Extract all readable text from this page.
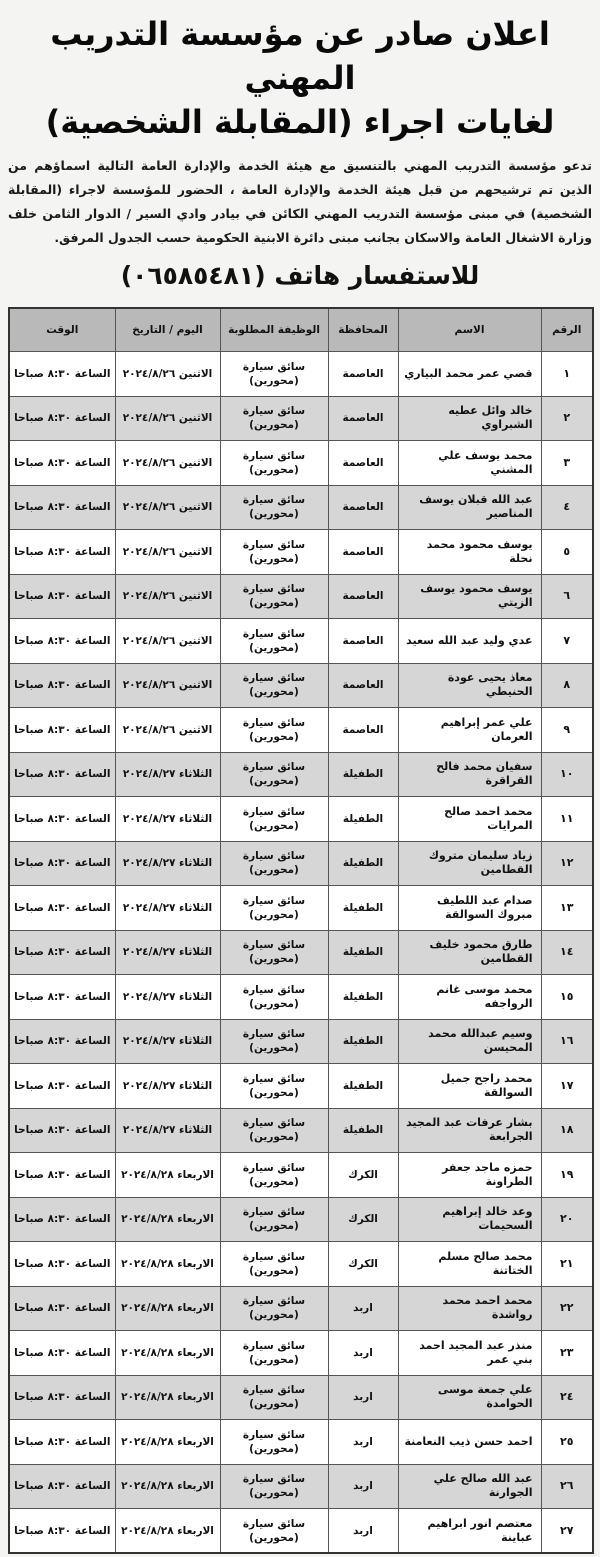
اعلان صادر عن مؤسسة التدريب المهني
لغايات اجراء (المقابلة الشخصية)

تدعو مؤسسة التدريب المهني بالتنسيق مع هيئة الخدمة والإدارة العامة التالية اسماؤهم من الذين تم ترشيحهم من قبل هيئة الخدمة والإدارة العامة ، الحضور للمؤسسة لاجراء (المقابلة الشخصية) في مبنى مؤسسة التدريب المهني الكائن في بيادر وادي السير / الدوار الثامن خلف وزارة الاشغال العامة والاسكان بجانب مبنى دائرة الابنية الحكومية حسب الجدول المرفق.

للاستفسار هاتف (٠٦٥٨٥٤٨١)
الرقم	الاسم	المحافظة	الوظيفة المطلوبة	اليوم / التاريخ	الوقت
١	قصي عمر محمد البياري	العاصمة	سائق سيارة (محورين)	الاثنين ٢٠٢٤/٨/٢٦	الساعة ٨:٣٠ صباحا
٢	خالد وائل عطيه الشبراوي	العاصمة	سائق سيارة (محورين)	الاثنين ٢٠٢٤/٨/٢٦	الساعة ٨:٣٠ صباحا
٣	محمد يوسف علي المشني	العاصمة	سائق سيارة (محورين)	الاثنين ٢٠٢٤/٨/٢٦	الساعة ٨:٣٠ صباحا
٤	عبد الله قبلان يوسف المناصير	العاصمة	سائق سيارة (محورين)	الاثنين ٢٠٢٤/٨/٢٦	الساعة ٨:٣٠ صباحا
٥	يوسف محمود محمد نحلة	العاصمة	سائق سيارة (محورين)	الاثنين ٢٠٢٤/٨/٢٦	الساعة ٨:٣٠ صباحا
٦	يوسف محمود يوسف الزيتي	العاصمة	سائق سيارة (محورين)	الاثنين ٢٠٢٤/٨/٢٦	الساعة ٨:٣٠ صباحا
٧	عدي وليد عبد الله سعيد	العاصمة	سائق سيارة (محورين)	الاثنين ٢٠٢٤/٨/٢٦	الساعة ٨:٣٠ صباحا
٨	معاذ يحيى عودة الحنيطي	العاصمة	سائق سيارة (محورين)	الاثنين ٢٠٢٤/٨/٢٦	الساعة ٨:٣٠ صباحا
٩	علي عمر إبراهيم العرمان	العاصمة	سائق سيارة (محورين)	الاثنين ٢٠٢٤/٨/٢٦	الساعة ٨:٣٠ صباحا
١٠	سفيان محمد فالح القراقرة	الطفيلة	سائق سيارة (محورين)	الثلاثاء ٢٠٢٤/٨/٢٧	الساعة ٨:٣٠ صباحا
١١	محمد احمد صالح المرايات	الطفيلة	سائق سيارة (محورين)	الثلاثاء ٢٠٢٤/٨/٢٧	الساعة ٨:٣٠ صباحا
١٢	زياد سليمان متروك القطامين	الطفيلة	سائق سيارة (محورين)	الثلاثاء ٢٠٢٤/٨/٢٧	الساعة ٨:٣٠ صباحا
١٣	صدام عبد اللطيف مبروك السوالقة	الطفيلة	سائق سيارة (محورين)	الثلاثاء ٢٠٢٤/٨/٢٧	الساعة ٨:٣٠ صباحا
١٤	طارق محمود خليف القطامين	الطفيلة	سائق سيارة (محورين)	الثلاثاء ٢٠٢٤/٨/٢٧	الساعة ٨:٣٠ صباحا
١٥	محمد موسى غانم الرواجفه	الطفيلة	سائق سيارة (محورين)	الثلاثاء ٢٠٢٤/٨/٢٧	الساعة ٨:٣٠ صباحا
١٦	وسيم عبدالله محمد المحيسن	الطفيلة	سائق سيارة (محورين)	الثلاثاء ٢٠٢٤/٨/٢٧	الساعة ٨:٣٠ صباحا
١٧	محمد راجح جميل السوالقة	الطفيلة	سائق سيارة (محورين)	الثلاثاء ٢٠٢٤/٨/٢٧	الساعة ٨:٣٠ صباحا
١٨	بشار عرفات عبد المجيد الجرابعة	الطفيلة	سائق سيارة (محورين)	الثلاثاء ٢٠٢٤/٨/٢٧	الساعة ٨:٣٠ صباحا
١٩	حمزه ماجد جعفر الطراونة	الكرك	سائق سيارة (محورين)	الاربعاء ٢٠٢٤/٨/٢٨	الساعة ٨:٣٠ صباحا
٢٠	وعد خالد إبراهيم السحيمات	الكرك	سائق سيارة (محورين)	الاربعاء ٢٠٢٤/٨/٢٨	الساعة ٨:٣٠ صباحا
٢١	محمد صالح مسلم الختاتنة	الكرك	سائق سيارة (محورين)	الاربعاء ٢٠٢٤/٨/٢٨	الساعة ٨:٣٠ صباحا
٢٢	محمد احمد محمد رواشدة	اربد	سائق سيارة (محورين)	الاربعاء ٢٠٢٤/٨/٢٨	الساعة ٨:٣٠ صباحا
٢٣	منذر عبد المجيد احمد بني عمر	اربد	سائق سيارة (محورين)	الاربعاء ٢٠٢٤/٨/٢٨	الساعة ٨:٣٠ صباحا
٢٤	علي جمعة موسى الحوامدة	اربد	سائق سيارة (محورين)	الاربعاء ٢٠٢٤/٨/٢٨	الساعة ٨:٣٠ صباحا
٢٥	احمد حسن ذيب النعامنة	اربد	سائق سيارة (محورين)	الاربعاء ٢٠٢٤/٨/٢٨	الساعة ٨:٣٠ صباحا
٢٦	عبد الله صالح علي الجوارنة	اربد	سائق سيارة (محورين)	الاربعاء ٢٠٢٤/٨/٢٨	الساعة ٨:٣٠ صباحا
٢٧	معتصم انور ابراهيم عباينة	اربد	سائق سيارة (محورين)	الاربعاء ٢٠٢٤/٨/٢٨	الساعة ٨:٣٠ صباحا
